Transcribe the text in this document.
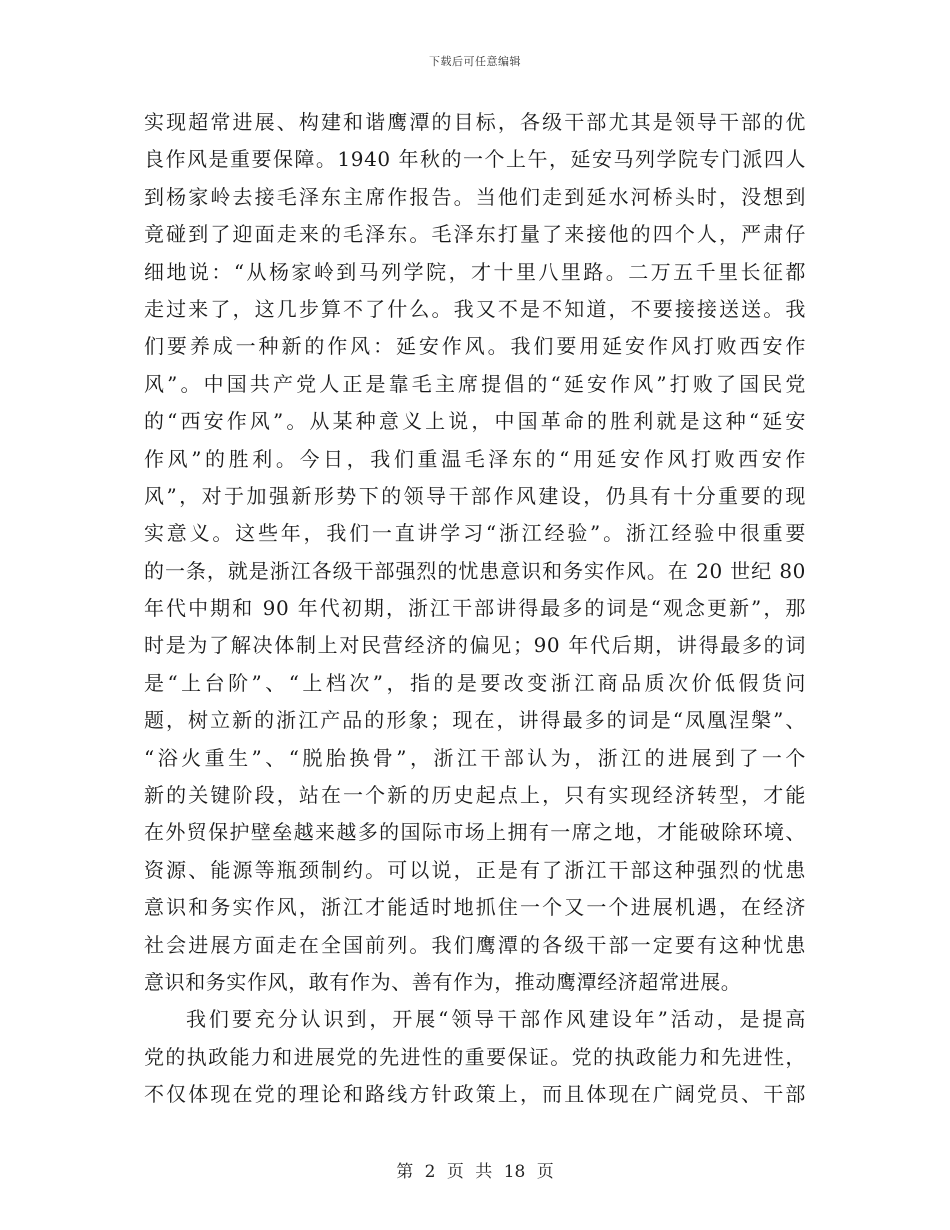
下载后可任意编辑
实现超常进展、构建和谐鹰潭的目标，各级干部尤其是领导干部的优
良作风是重要保障。1940 年秋的一个上午，延安马列学院专门派四人
到杨家岭去接毛泽东主席作报告。当他们走到延水河桥头时，没想到
竟碰到了迎面走来的毛泽东。毛泽东打量了来接他的四个人，严肃仔
细地说：“从杨家岭到马列学院，才十里八里路。二万五千里长征都
走过来了，这几步算不了什么。我又不是不知道，不要接接送送。我
们要养成一种新的作风：延安作风。我们要用延安作风打败西安作
风”。中国共产党人正是靠毛主席提倡的“延安作风”打败了国民党
的“西安作风”。从某种意义上说，中国革命的胜利就是这种“延安
作风”的胜利。今日，我们重温毛泽东的“用延安作风打败西安作
风”，对于加强新形势下的领导干部作风建设，仍具有十分重要的现
实意义。这些年，我们一直讲学习“浙江经验”。浙江经验中很重要
的一条，就是浙江各级干部强烈的忧患意识和务实作风。在 20 世纪 80
年代中期和 90 年代初期，浙江干部讲得最多的词是“观念更新”，那
时是为了解决体制上对民营经济的偏见；90 年代后期，讲得最多的词
是“上台阶”、“上档次”，指的是要改变浙江商品质次价低假货问
题，树立新的浙江产品的形象；现在，讲得最多的词是“凤凰涅槃”、
“浴火重生”、“脱胎换骨”，浙江干部认为，浙江的进展到了一个
新的关键阶段，站在一个新的历史起点上，只有实现经济转型，才能
在外贸保护壁垒越来越多的国际市场上拥有一席之地，才能破除环境、
资源、能源等瓶颈制约。可以说，正是有了浙江干部这种强烈的忧患
意识和务实作风，浙江才能适时地抓住一个又一个进展机遇，在经济
社会进展方面走在全国前列。我们鹰潭的各级干部一定要有这种忧患
意识和务实作风，敢有作为、善有作为，推动鹰潭经济超常进展。
我们要充分认识到，开展“领导干部作风建设年”活动，是提高
党的执政能力和进展党的先进性的重要保证。党的执政能力和先进性，
不仅体现在党的理论和路线方针政策上，而且体现在广阔党员、干部
第 2 页 共 18 页
